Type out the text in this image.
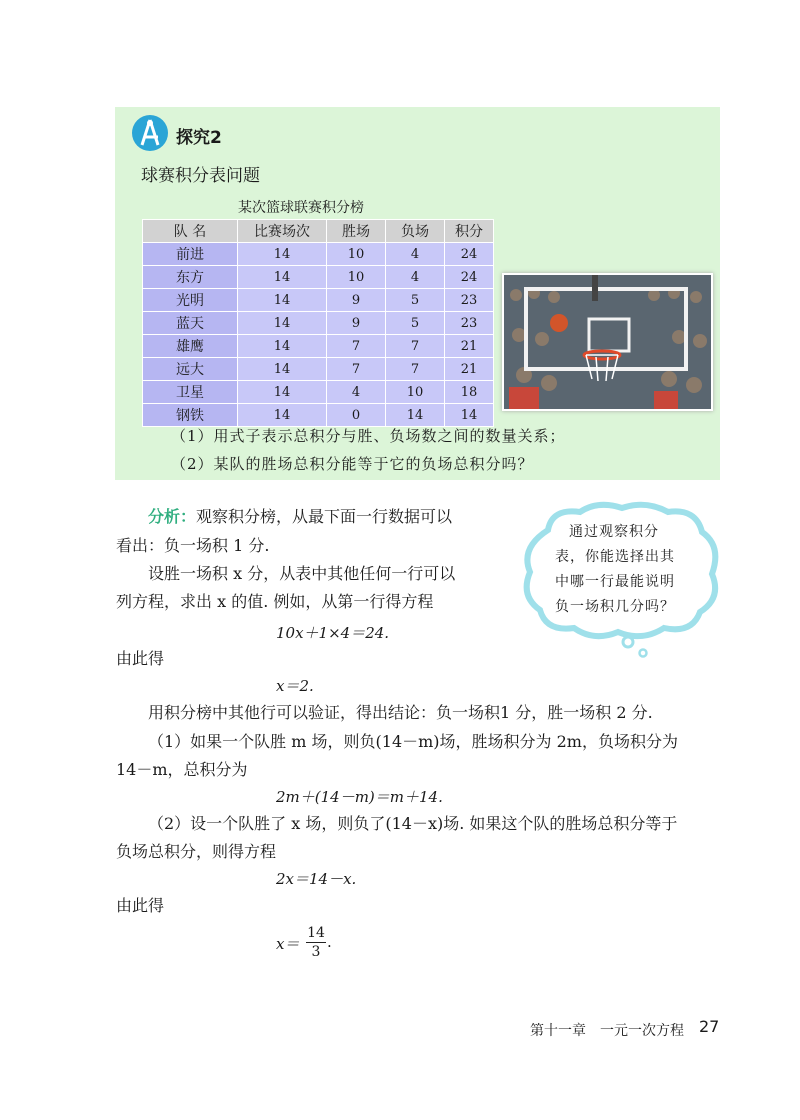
探究2
球赛积分表问题
某次篮球联赛积分榜
队 名	比赛场次	胜场	负场	积分
前进	14	10	4	24
东方	14	10	4	24
光明	14	9	5	23
蓝天	14	9	5	23
雄鹰	14	7	7	21
远大	14	7	7	21
卫星	14	4	10	18
钢铁	14	0	14	14
（1）用式子表示总积分与胜、负场数之间的数量关系；
（2）某队的胜场总积分能等于它的负场总积分吗？
分析：观察积分榜，从最下面一行数据可以
看出：负一场积 1 分.
设胜一场积 x 分，从表中其他任何一行可以
列方程，求出 x 的值. 例如，从第一行得方程
10x＋1×4＝24.
由此得
x＝2.
用积分榜中其他行可以验证，得出结论：负一场积1 分，胜一场积 2 分.
（1）如果一个队胜 m 场，则负(14－m)场，胜场积分为 2m，负场积分为
14－m，总积分为
2m＋(14－m)＝m＋14.
（2）设一个队胜了 x 场，则负了(14－x)场. 如果这个队的胜场总积分等于
负场总积分，则得方程
2x＝14－x.
由此得
$x= \frac{14}{3}$ .
通过观察积分
表，你能选择出其
中哪一行最能说明
负一场积几分吗？
第十一章　一元一次方程 27
